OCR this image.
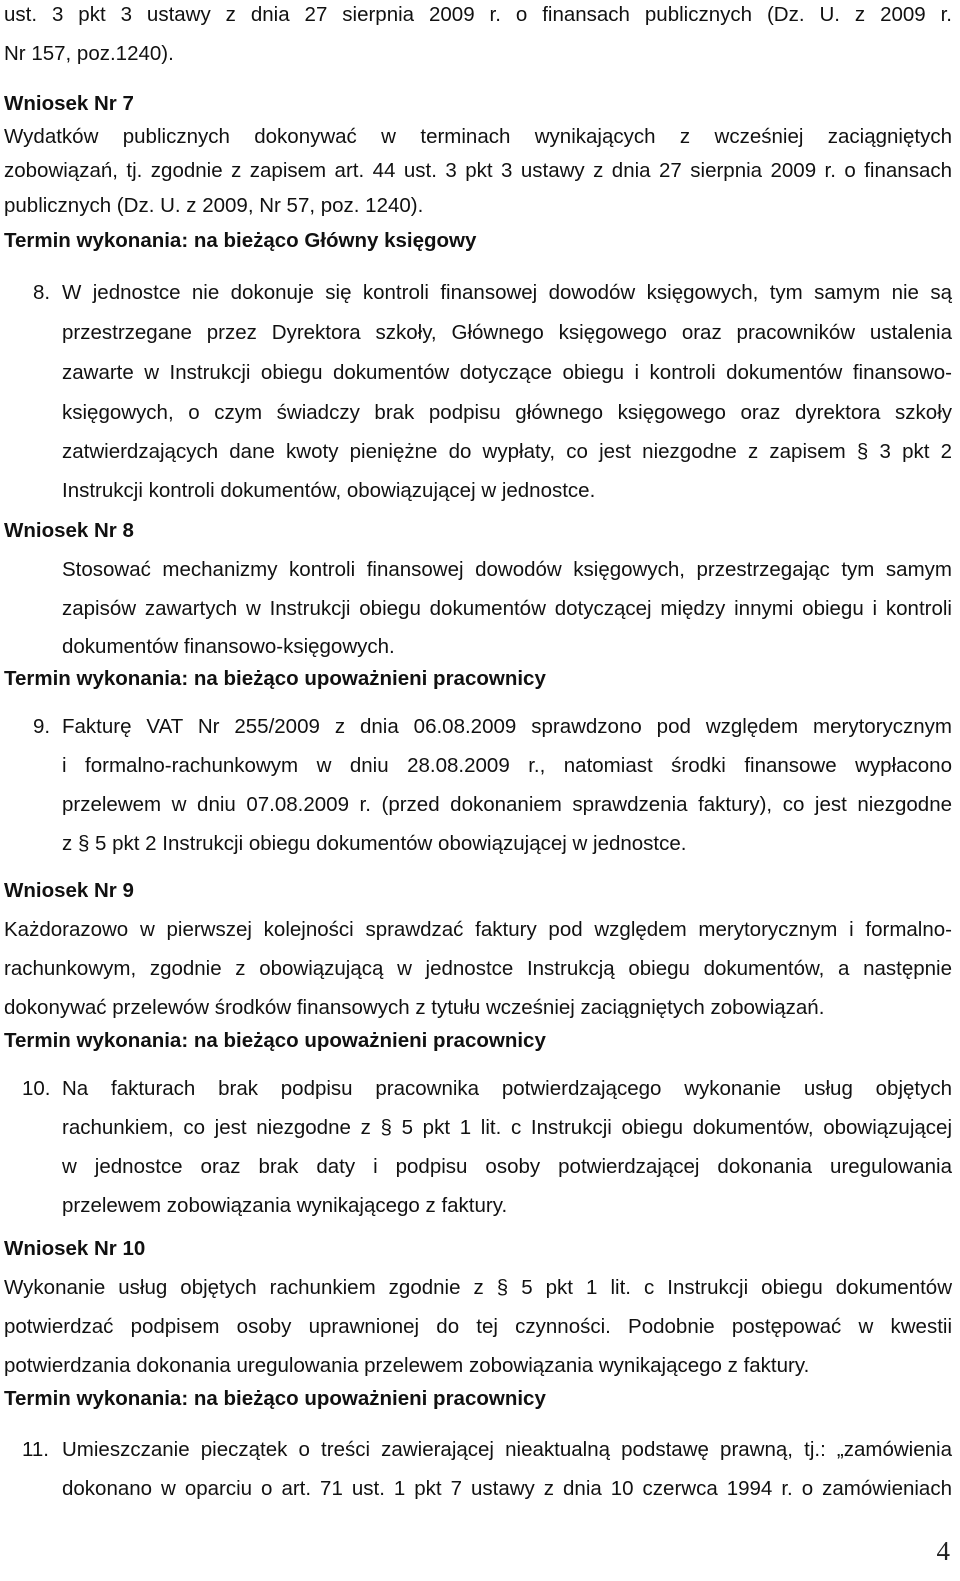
ust. 3 pkt 3 ustawy z dnia 27 sierpnia 2009 r. o finansach publicznych (Dz. U. z 2009 r.
Nr 157, poz.1240).
Wniosek Nr 7
Wydatków publicznych dokonywać w terminach wynikających z wcześniej zaciągniętych
zobowiązań, tj. zgodnie z zapisem art. 44 ust. 3 pkt 3 ustawy z dnia 27 sierpnia 2009 r. o finansach
publicznych (Dz. U. z 2009, Nr 57, poz. 1240).
Termin wykonania: na bieżąco Główny księgowy
8. W jednostce nie dokonuje się kontroli finansowej dowodów księgowych, tym samym nie są
przestrzegane przez Dyrektora szkoły, Głównego księgowego oraz pracowników ustalenia
zawarte w Instrukcji obiegu dokumentów dotyczące obiegu i kontroli dokumentów finansowo-
księgowych, o czym świadczy brak podpisu głównego księgowego oraz dyrektora szkoły
zatwierdzających dane kwoty pieniężne do wypłaty, co jest niezgodne z zapisem § 3 pkt 2
Instrukcji kontroli dokumentów, obowiązującej w jednostce.
Wniosek Nr 8
Stosować mechanizmy kontroli finansowej dowodów księgowych, przestrzegając tym samym
zapisów zawartych w Instrukcji obiegu dokumentów dotyczącej między innymi obiegu i kontroli
dokumentów finansowo-księgowych.
Termin wykonania: na bieżąco upoważnieni pracownicy
9. Fakturę VAT Nr 255/2009 z dnia 06.08.2009 sprawdzono pod względem merytorycznym
i formalno-rachunkowym w dniu 28.08.2009 r., natomiast środki finansowe wypłacono
przelewem w dniu 07.08.2009 r. (przed dokonaniem sprawdzenia faktury), co jest niezgodne
z § 5 pkt 2 Instrukcji obiegu dokumentów obowiązującej w jednostce.
Wniosek Nr 9
Każdorazowo w pierwszej kolejności sprawdzać faktury pod względem merytorycznym i formalno-
rachunkowym, zgodnie z obowiązującą w jednostce Instrukcją obiegu dokumentów, a następnie
dokonywać przelewów środków finansowych z tytułu wcześniej zaciągniętych zobowiązań.
Termin wykonania: na bieżąco upoważnieni pracownicy
10. Na fakturach brak podpisu pracownika potwierdzającego wykonanie usług objętych
rachunkiem, co jest niezgodne z § 5 pkt 1 lit. c Instrukcji obiegu dokumentów, obowiązującej
w jednostce oraz brak daty i podpisu osoby potwierdzającej dokonania uregulowania
przelewem zobowiązania wynikającego z faktury.
Wniosek Nr 10
Wykonanie usług objętych rachunkiem zgodnie z § 5 pkt 1 lit. c Instrukcji obiegu dokumentów
potwierdzać podpisem osoby uprawnionej do tej czynności. Podobnie postępować w kwestii
potwierdzania dokonania uregulowania przelewem zobowiązania wynikającego z faktury.
Termin wykonania: na bieżąco upoważnieni pracownicy
11. Umieszczanie pieczątek o treści zawierającej nieaktualną podstawę prawną, tj.: „zamówienia
dokonano w oparciu o art. 71 ust. 1 pkt 7 ustawy z dnia 10 czerwca 1994 r. o zamówieniach
4
